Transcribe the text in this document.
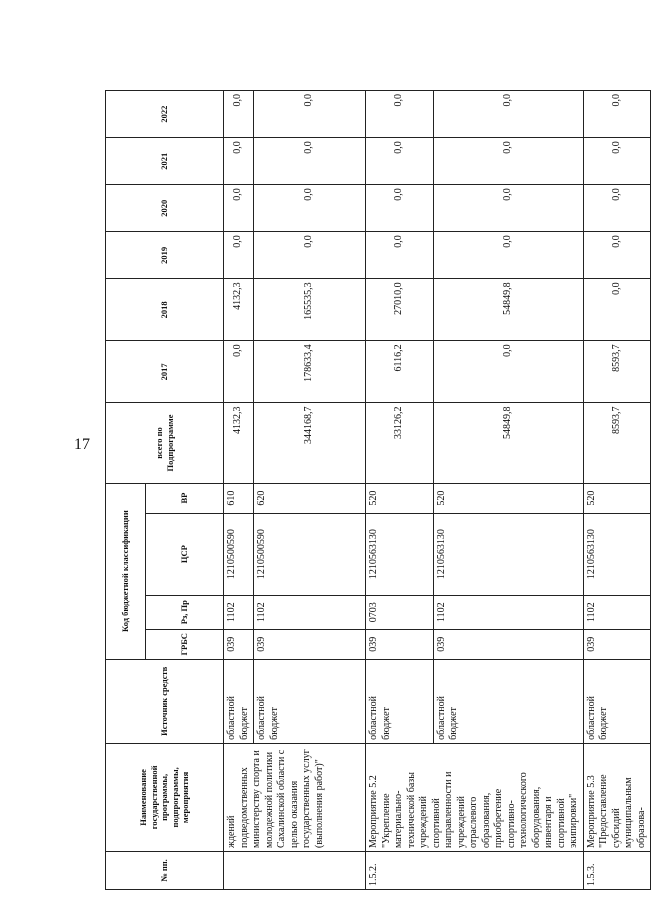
17
№ пп.	Наименование государственной программы, подпрограммы, мероприятия	Источник средств	Код бюджетной классификации				всего по Подпрограмме	2017	2018	2019	2020	2021	2022
			ГРБС	Рз, Пр	ЦСР	ВР							
	ждений подведомственных министерству спорта и молодежной политики Сахалинской области с целью оказания государственных услуг (выполнения работ)"	областной бюджет	039	1102	1210500590	610	4132,3	0,0	4132,3	0,0	0,0	0,0	0,0
		областной бюджет	039	1102	1210500590	620	344168,7	178633,4	165535,3	0,0	0,0	0,0	0,0
1.5.2.	Мероприятие 5.2 "Укрепление материально-технической базы учреждений спортивной направленности и учреждений отраслевого образования, приобретение спортивно-технологического оборудования, инвентаря и спортивной экипировки"	областной бюджет	039	0703	1210563130	520	33126,2	6116,2	27010,0	0,0	0,0	0,0	0,0
		областной бюджет	039	1102	1210563130	520	54849,8	0,0	54849,8	0,0	0,0	0,0	0,0
1.5.3.	Мероприятие 5.3 "Предоставление субсидий муниципальным образова-	областной бюджет	039	1102	1210563130	520	8593,7	8593,7	0,0	0,0	0,0	0,0	0,0
